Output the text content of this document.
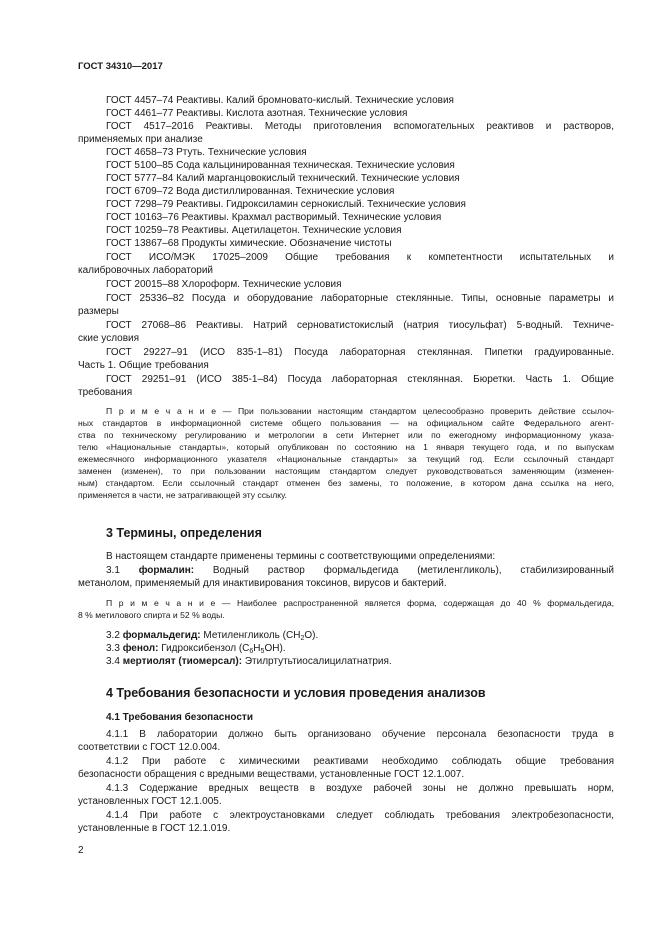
ГОСТ 34310—2017
ГОСТ 4457–74 Реактивы. Калий бромновато-кислый. Технические условия
ГОСТ 4461–77 Реактивы. Кислота азотная. Технические условия
ГОСТ 4517–2016 Реактивы. Методы приготовления вспомогательных реактивов и растворов,
применяемых при анализе
ГОСТ 4658–73 Ртуть. Технические условия
ГОСТ 5100–85 Сода кальцинированная техническая. Технические условия
ГОСТ 5777–84 Калий марганцовокислый технический. Технические условия
ГОСТ 6709–72 Вода дистиллированная. Технические условия
ГОСТ 7298–79 Реактивы. Гидроксиламин сернокислый. Технические условия
ГОСТ 10163–76 Реактивы. Крахмал растворимый. Технические условия
ГОСТ 10259–78 Реактивы. Ацетилацетон. Технические условия
ГОСТ 13867–68 Продукты химические. Обозначение чистоты
ГОСТ ИСО/МЭК 17025–2009 Общие требования к компетентности испытательных и
калибровочных лабораторий
ГОСТ 20015–88 Хлороформ. Технические условия
ГОСТ 25336–82 Посуда и оборудование лабораторные стеклянные. Типы, основные параметры и
размеры
ГОСТ 27068–86 Реактивы. Натрий серноватистокислый (натрия тиосульфат) 5-водный. Техниче-
ские условия
ГОСТ 29227–91 (ИСО 835-1–81) Посуда лабораторная стеклянная. Пипетки градуированные.
Часть 1. Общие требования
ГОСТ 29251–91 (ИСО 385-1–84) Посуда лабораторная стеклянная. Бюретки. Часть 1. Общие
требования
П р и м е ч а н и е — При пользовании настоящим стандартом целесообразно проверить действие ссылоч-
ных стандартов в информационной системе общего пользования — на официальном сайте Федерального агент-
ства по техническому регулированию и метрологии в сети Интернет или по ежегодному информационному указа-
телю «Национальные стандарты», который опубликован по состоянию на 1 января текущего года, и по выпускам
ежемесячного информационного указателя «Национальные стандарты» за текущий год. Если ссылочный стандарт
заменен (изменен), то при пользовании настоящим стандартом следует руководствоваться заменяющим (изменен-
ным) стандартом. Если ссылочный стандарт отменен без замены, то положение, в котором дана ссылка на него,
применяется в части, не затрагивающей эту ссылку.
3 Термины, определения
В настоящем стандарте применены термины с соответствующими определениями:
3.1 формалин: Водный раствор формальдегида (метиленгликоль), стабилизированный
метанолом, применяемый для инактивирования токсинов, вирусов и бактерий.
П р и м е ч а н и е — Наиболее распространенной является форма, содержащая до 40 % формальдегида,
8 % метилового спирта и 52 % воды.
3.2 формальдегид: Метиленгликоль $(CH_2O)$.
3.3 фенол: Гидроксибензол $(C_6H_5OH)$.
3.4 мертиолят (тиомерсал): Этилртутьтиосалицилатнатрия.
4 Требования безопасности и условия проведения анализов
4.1 Требования безопасности
4.1.1 В лаборатории должно быть организовано обучение персонала безопасности труда в
соответствии с ГОСТ 12.0.004.
4.1.2 При работе с химическими реактивами необходимо соблюдать общие требования
безопасности обращения с вредными веществами, установленные ГОСТ 12.1.007.
4.1.3 Содержание вредных веществ в воздухе рабочей зоны не должно превышать норм,
установленных ГОСТ 12.1.005.
4.1.4 При работе с электроустановками следует соблюдать требования электробезопасности,
установленные в ГОСТ 12.1.019.
2
